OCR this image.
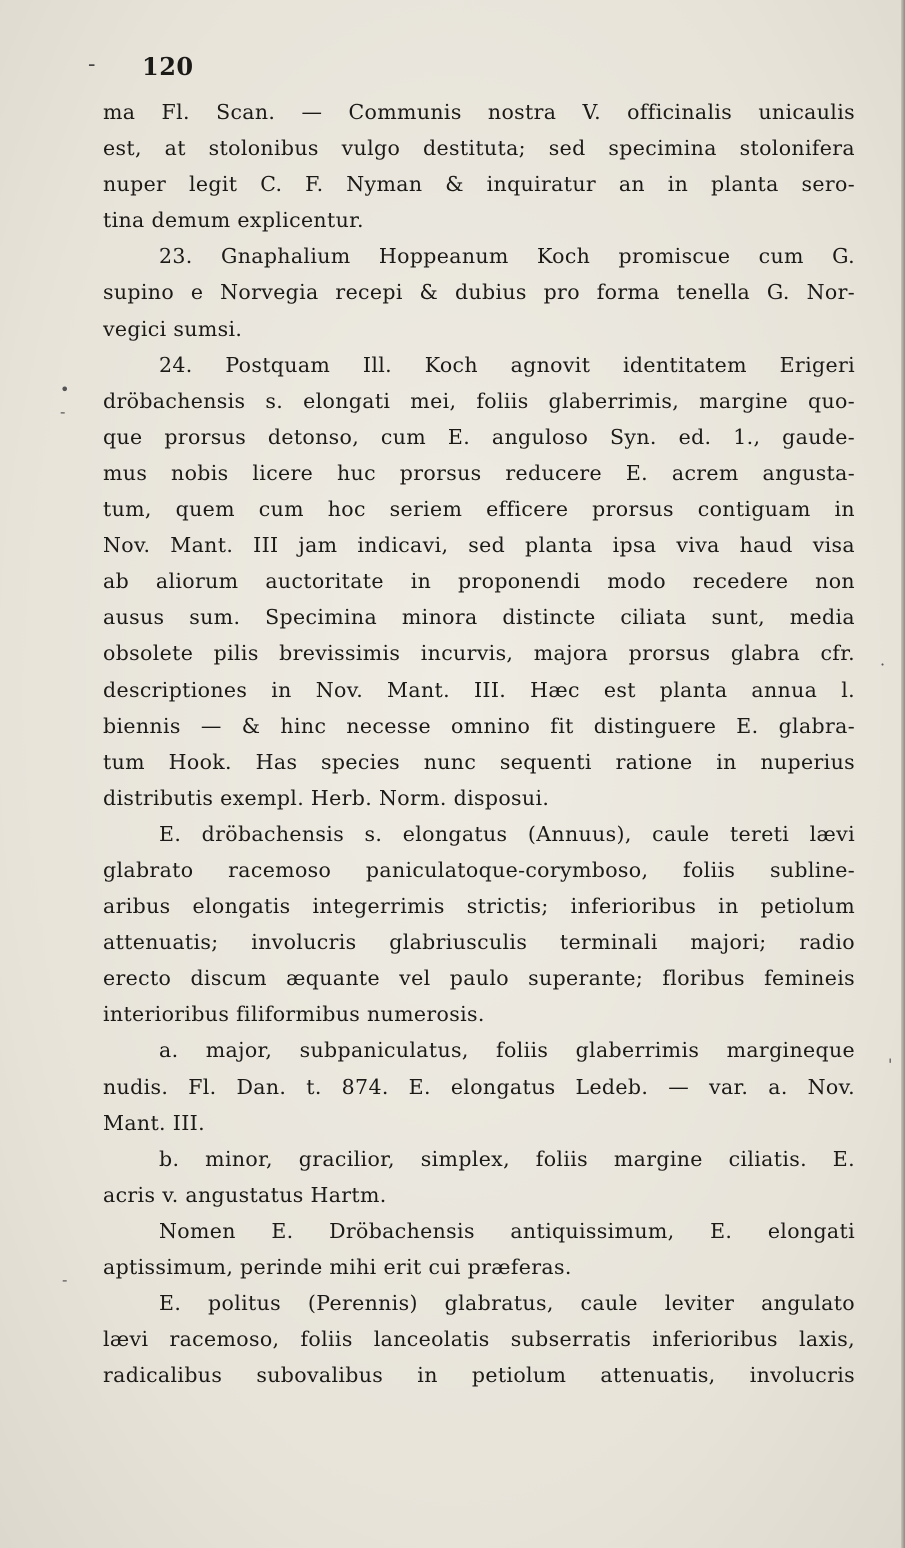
- 120
ma Fl. Scan. — Communis nostra V. officinalis unicaulis
est, at stolonibus vulgo destituta; sed specimina stolonifera
nuper legit C. F. Nyman & inquiratur an in planta sero-
tina demum explicentur.
23. Gnaphalium Hoppeanum Koch promiscue cum G.
supino e Norvegia recepi & dubius pro forma tenella G. Nor-
vegici sumsi.
24. Postquam Ill. Koch agnovit identitatem Erigeri
dröbachensis s. elongati mei, foliis glaberrimis, margine quo-
que prorsus detonso, cum E. anguloso Syn. ed. 1., gaude-
mus nobis licere huc prorsus reducere E. acrem angusta-
tum, quem cum hoc seriem efficere prorsus contiguam in
Nov. Mant. III jam indicavi, sed planta ipsa viva haud visa
ab aliorum auctoritate in proponendi modo recedere non
ausus sum. Specimina minora distincte ciliata sunt, media
obsolete pilis brevissimis incurvis, majora prorsus glabra cfr.
descriptiones in Nov. Mant. III. Hæc est planta annua l.
biennis — & hinc necesse omnino fit distinguere E. glabra-
tum Hook. Has species nunc sequenti ratione in nuperius
distributis exempl. Herb. Norm. disposui.
E. dröbachensis s. elongatus (Annuus), caule tereti lævi
glabrato racemoso paniculatoque-corymboso, foliis subline-
aribus elongatis integerrimis strictis; inferioribus in petiolum
attenuatis; involucris glabriusculis terminali majori; radio
erecto discum æquante vel paulo superante; floribus femineis
interioribus filiformibus numerosis.
a. major, subpaniculatus, foliis glaberrimis margineque
nudis. Fl. Dan. t. 874. E. elongatus Ledeb. — var. a. Nov.
Mant. III.
b. minor, gracilior, simplex, foliis margine ciliatis. E.
acris v. angustatus Hartm.
Nomen E. Dröbachensis antiquissimum, E. elongati
aptissimum, perinde mihi erit cui præferas.
E. politus (Perennis) glabratus, caule leviter angulato
lævi racemoso, foliis lanceolatis subserratis inferioribus laxis,
radicalibus subovalibus in petiolum attenuatis, involucris
•
-
·
-
'
